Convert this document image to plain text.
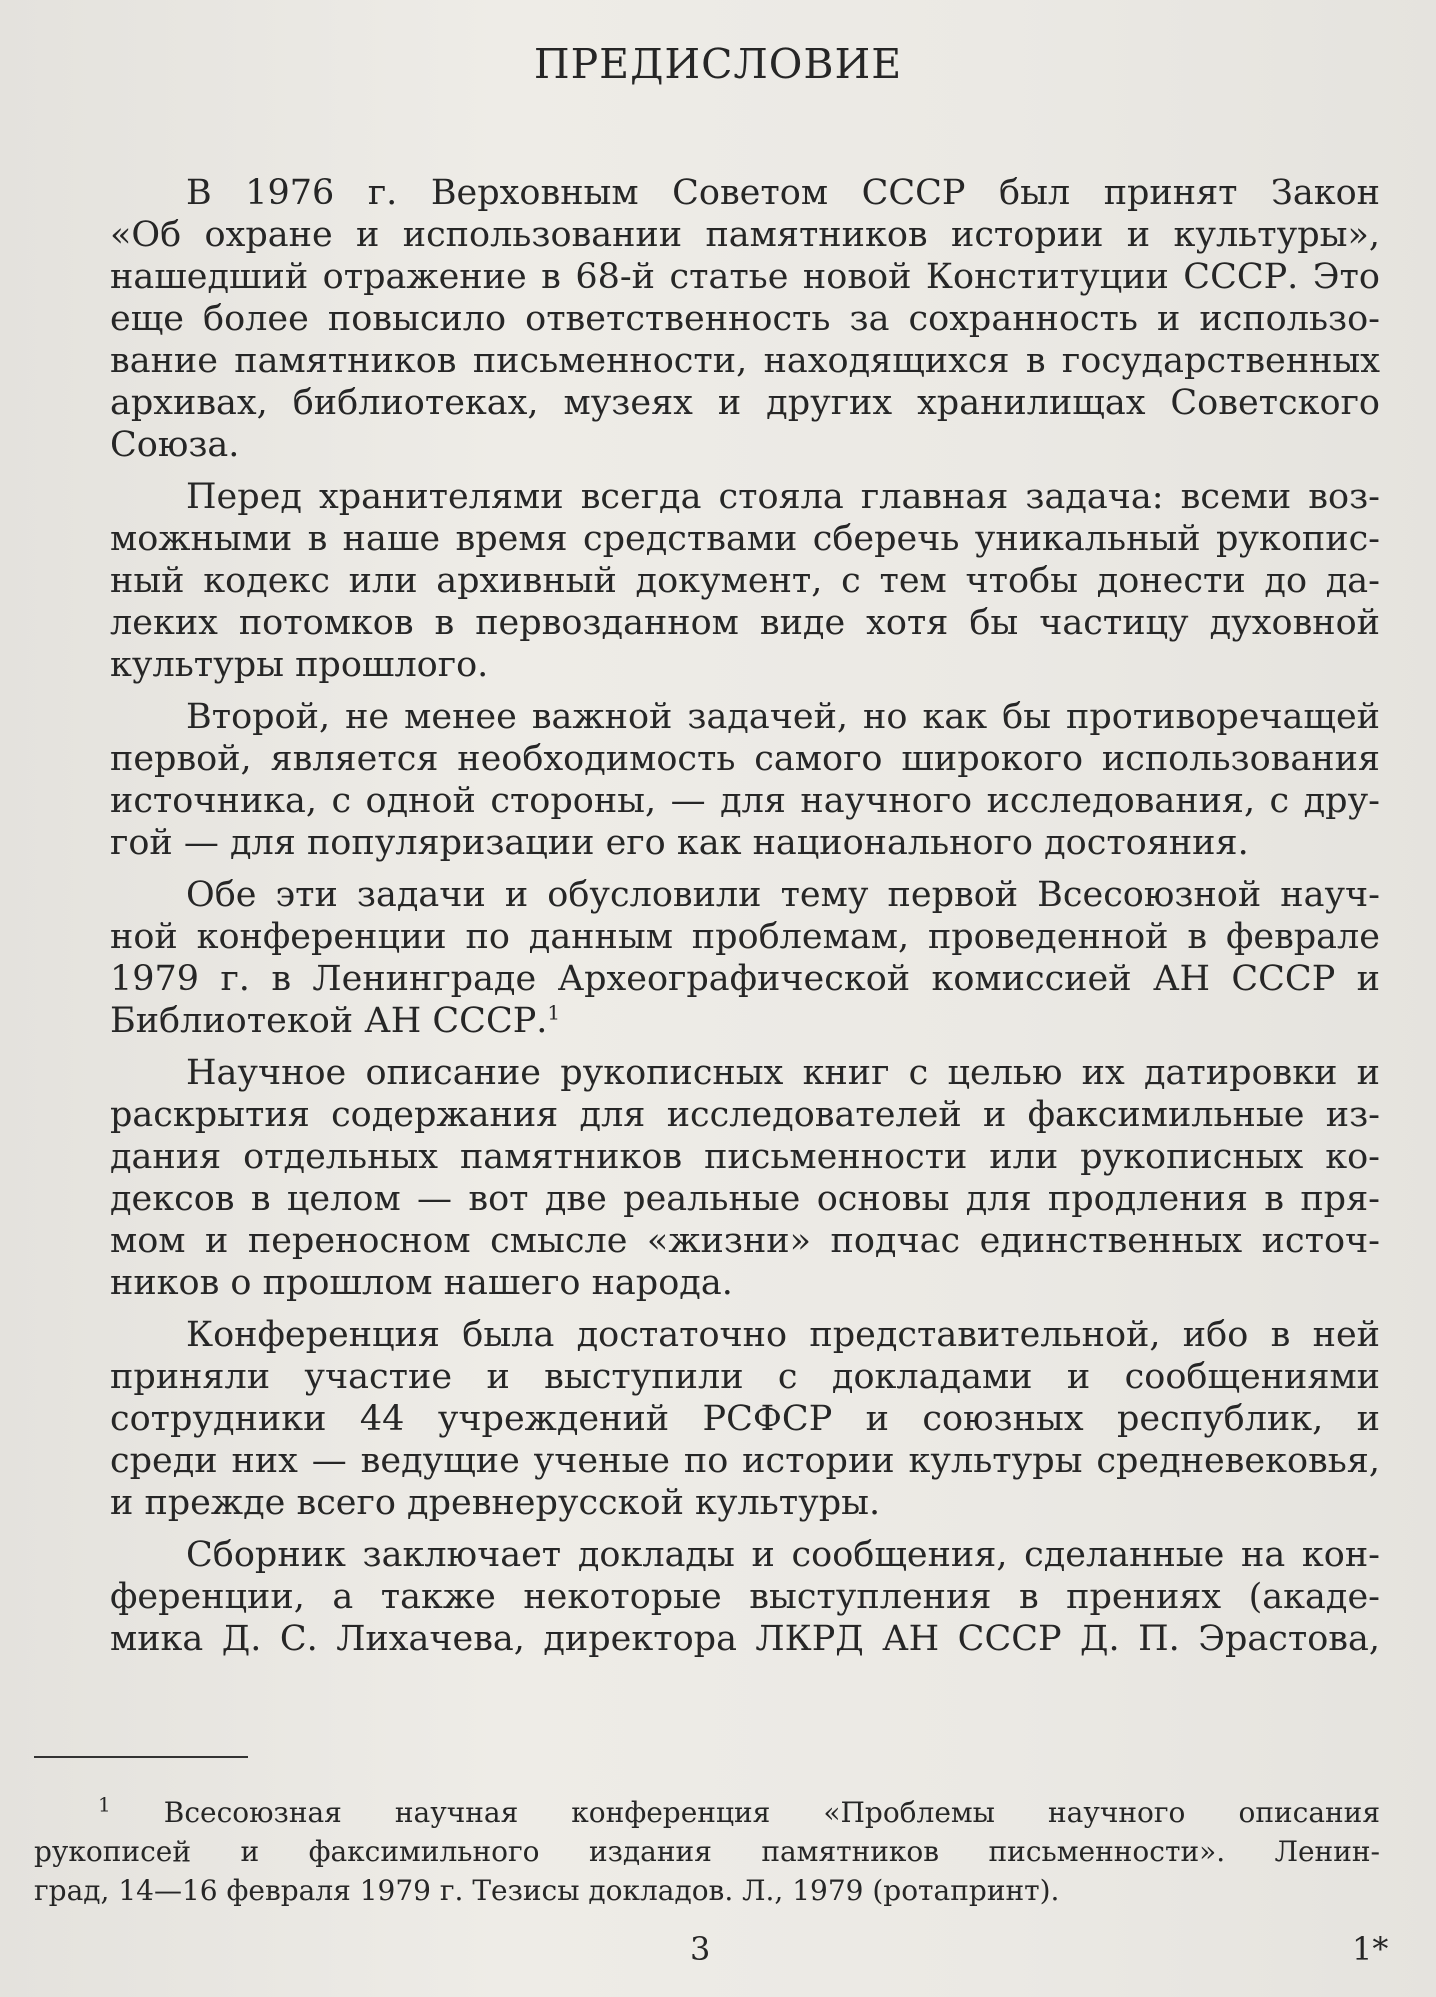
ПРЕДИСЛОВИЕ

В 1976 г. Верховным Советом СССР был принят Закон
«Об охране и использовании памятников истории и культуры»,
нашедший отражение в 68-й статье новой Конституции СССР. Это
еще более повысило ответственность за сохранность и использо-
вание памятников письменности, находящихся в государственных
архивах, библиотеках, музеях и других хранилищах Советского
Союза.

Перед хранителями всегда стояла главная задача: всеми воз-
можными в наше время средствами сберечь уникальный рукопис-
ный кодекс или архивный документ, с тем чтобы донести до да-
леких потомков в первозданном виде хотя бы частицу духовной
культуры прошлого.

Второй, не менее важной задачей, но как бы противоречащей
первой, является необходимость самого широкого использования
источника, с одной стороны, — для научного исследования, с дру-
гой — для популяризации его как национального достояния.

Обе эти задачи и обусловили тему первой Всесоюзной науч-
ной конференции по данным проблемам, проведенной в феврале
1979 г. в Ленинграде Археографической комиссией АН СССР и
Библиотекой АН СССР.$^1$

Научное описание рукописных книг с целью их датировки и
раскрытия содержания для исследователей и факсимильные из-
дания отдельных памятников письменности или рукописных ко-
дексов в целом — вот две реальные основы для продления в пря-
мом и переносном смысле «жизни» подчас единственных источ-
ников о прошлом нашего народа.

Конференция была достаточно представительной, ибо в ней
приняли участие и выступили с докладами и сообщениями
сотрудники 44 учреждений РСФСР и союзных республик, и
среди них — ведущие ученые по истории культуры средневековья,
и прежде всего древнерусской культуры.

Сборник заключает доклады и сообщения, сделанные на кон-
ференции, а также некоторые выступления в прениях (акаде-
мика Д. С. Лихачева, директора ЛКРД АН СССР Д. П. Эрастова,

$^1$ Всесоюзная научная конференция «Проблемы научного описания
рукописей и факсимильного издания памятников письменности». Ленин-
град, 14—16 февраля 1979 г. Тезисы докладов. Л., 1979 (ротапринт).
3	1*
